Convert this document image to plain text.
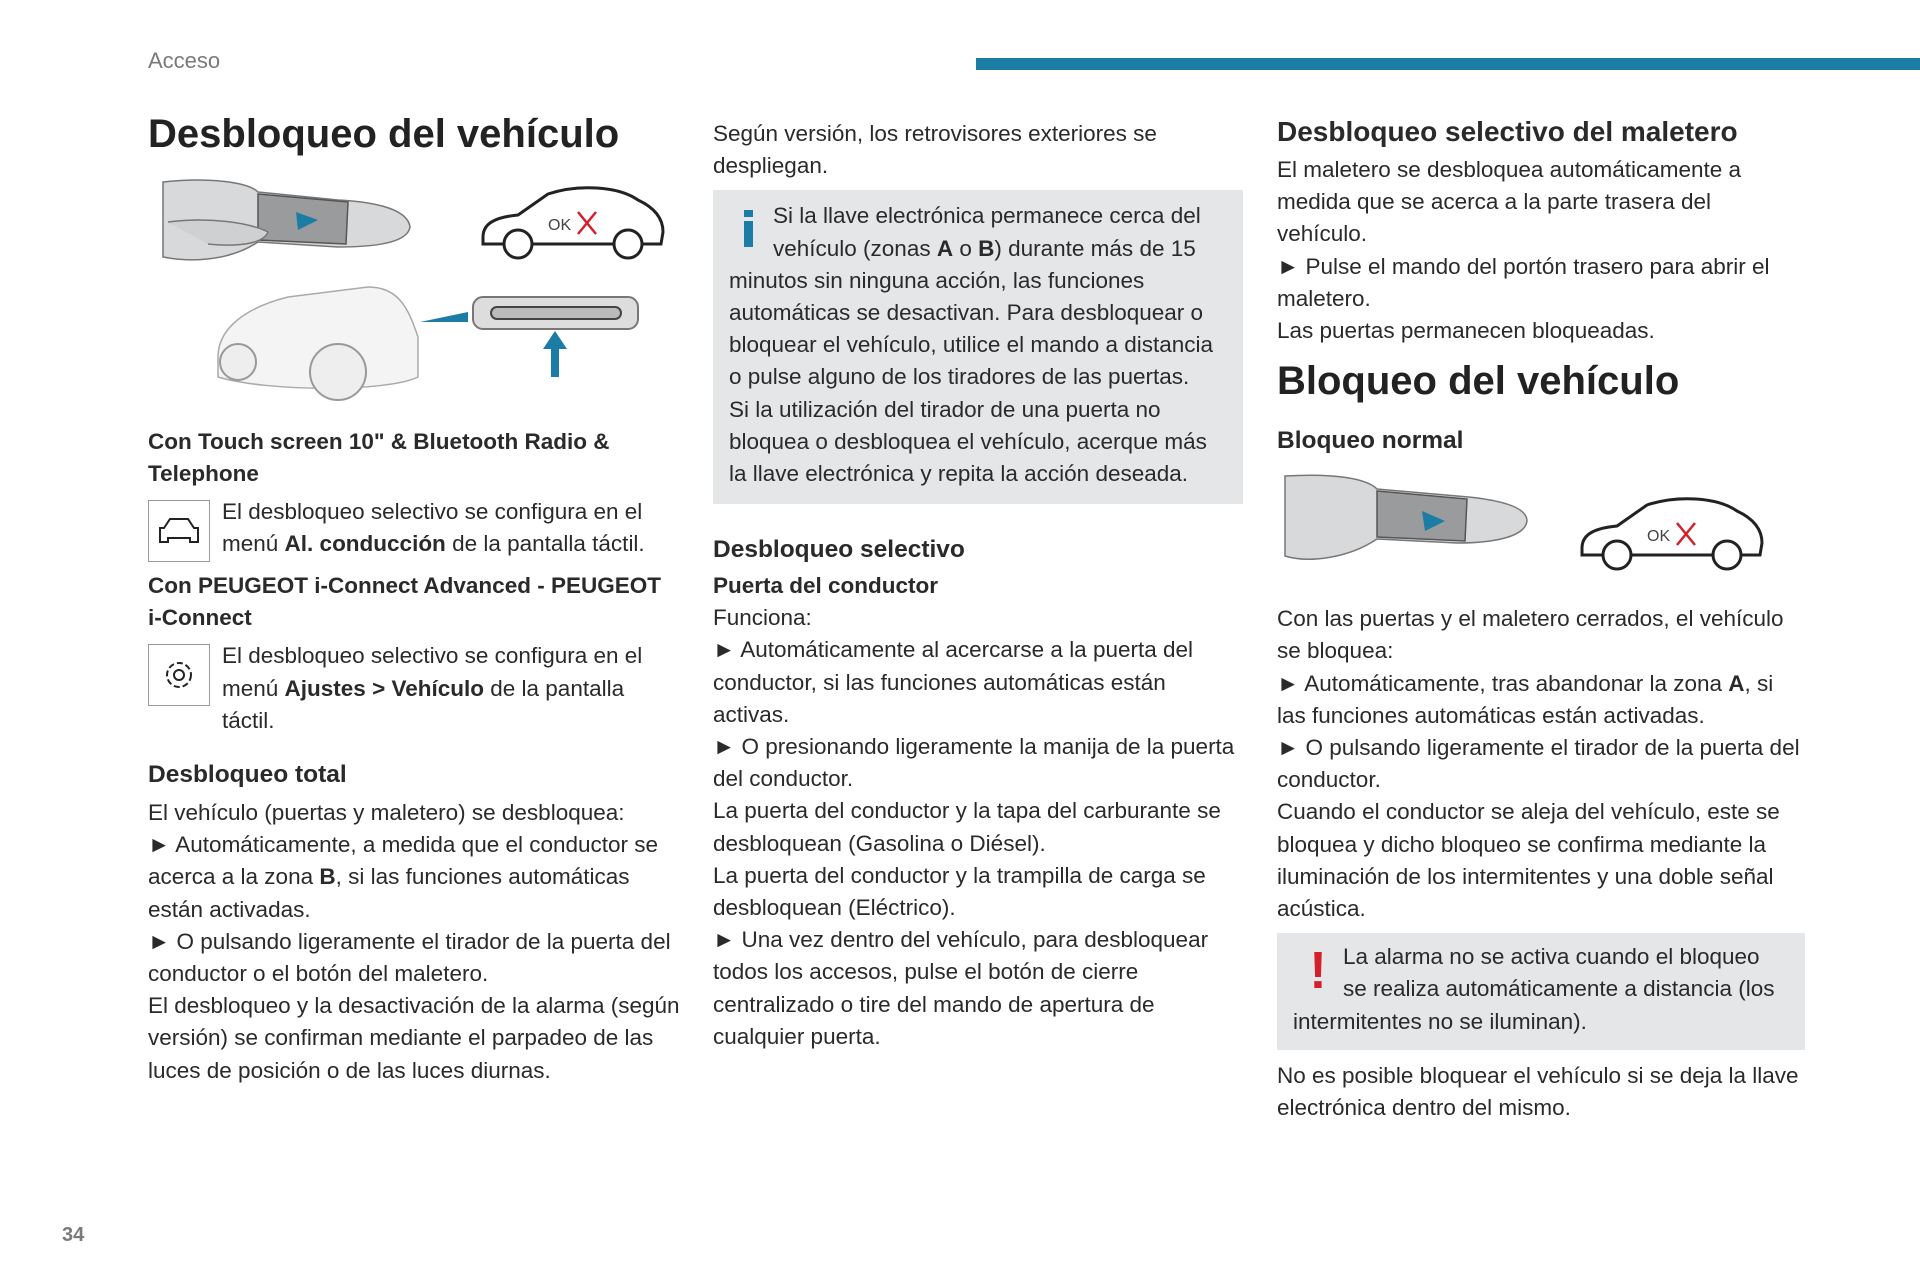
Acceso
34
Desbloqueo del vehículo
OK
Con Touch screen 10" & Bluetooth Radio & Telephone

El desbloqueo selectivo se configura en el menú Al. conducción de la pantalla táctil.

Con PEUGEOT i-Connect Advanced - PEUGEOT i-Connect

El desbloqueo selectivo se configura en el menú Ajustes > Vehículo de la pantalla táctil.

Desbloqueo total

El vehículo (puertas y maletero) se desbloquea:

► Automáticamente, a medida que el conductor se acerca a la zona B, si las funciones automáticas están activadas.

► O pulsando ligeramente el tirador de la puerta del conductor o el botón del maletero.

El desbloqueo y la desactivación de la alarma (según versión) se confirman mediante el parpadeo de las luces de posición o de las luces diurnas.

Según versión, los retrovisores exteriores se despliegan.

Si la llave electrónica permanece cerca del vehículo (zonas A o B) durante más de 15 minutos sin ninguna acción, las funciones automáticas se desactivan. Para desbloquear o bloquear el vehículo, utilice el mando a distancia o pulse alguno de los tiradores de las puertas.

Si la utilización del tirador de una puerta no bloquea o desbloquea el vehículo, acerque más la llave electrónica y repita la acción deseada.

Desbloqueo selectivo
Puerta del conductor

Funciona:

► Automáticamente al acercarse a la puerta del conductor, si las funciones automáticas están activas.

► O presionando ligeramente la manija de la puerta del conductor.

La puerta del conductor y la tapa del carburante se desbloquean (Gasolina o Diésel).

La puerta del conductor y la trampilla de carga se desbloquean (Eléctrico).

► Una vez dentro del vehículo, para desbloquear todos los accesos, pulse el botón de cierre centralizado o tire del mando de apertura de cualquier puerta.

Desbloqueo selectivo del maletero

El maletero se desbloquea automáticamente a medida que se acerca a la parte trasera del vehículo.

► Pulse el mando del portón trasero para abrir el maletero.

Las puertas permanecen bloqueadas.

Bloqueo del vehículo
Bloqueo normal
OK

Con las puertas y el maletero cerrados, el vehículo se bloquea:

► Automáticamente, tras abandonar la zona A, si las funciones automáticas están activadas.

► O pulsando ligeramente el tirador de la puerta del conductor.

Cuando el conductor se aleja del vehículo, este se bloquea y dicho bloqueo se confirma mediante la iluminación de los intermitentes y una doble señal acústica.

! La alarma no se activa cuando el bloqueo se realiza automáticamente a distancia (los intermitentes no se iluminan).

No es posible bloquear el vehículo si se deja la llave electrónica dentro del mismo.
